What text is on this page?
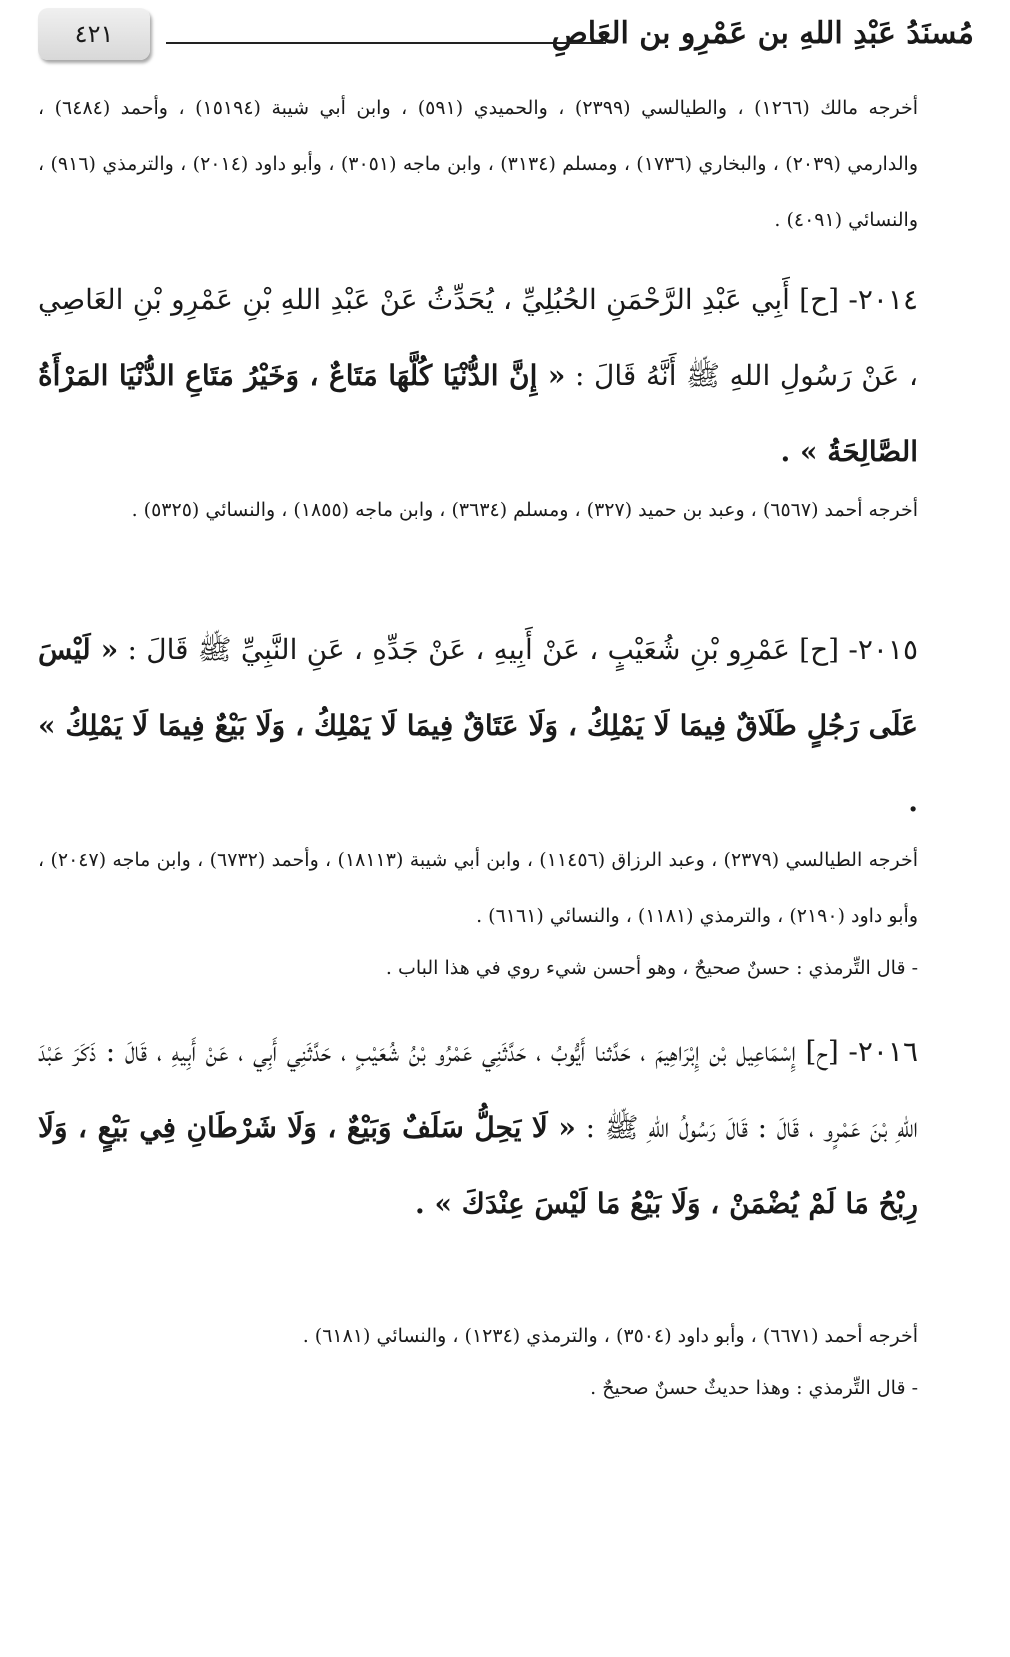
مُسنَدُ عَبْدِ اللهِ بن عَمْرِو بن العَاصِ
٤٢١
أخرجه مالك (١٢٦٦) ، والطيالسي (٢٣٩٩) ، والحميدي (٥٩١) ، وابن أبي شيبة (١٥١٩٤) ، وأحمد (٦٤٨٤) ، والدارمي (٢٠٣٩) ، والبخاري (١٧٣٦) ، ومسلم (٣١٣٤) ، وابن ماجه (٣٠٥١) ، وأبو داود (٢٠١٤) ، والترمذي (٩١٦) ، والنسائي (٤٠٩١) .
٢٠١٤- [ح] أَبِي عَبْدِ الرَّحْمَنِ الحُبُلِيِّ ، يُحَدِّثُ عَنْ عَبْدِ اللهِ بْنِ عَمْرِو بْنِ العَاصِي ، عَنْ رَسُولِ اللهِ ﷺ أَنَّهُ قَالَ : « إِنَّ الدُّنْيَا كُلَّهَا مَتَاعٌ ، وَخَيْرُ مَتَاعِ الدُّنْيَا المَرْأَةُ الصَّالِحَةُ » .
أخرجه أحمد (٦٥٦٧) ، وعبد بن حميد (٣٢٧) ، ومسلم (٣٦٣٤) ، وابن ماجه (١٨٥٥) ، والنسائي (٥٣٢٥) .
٢٠١٥- [ح] عَمْرِو بْنِ شُعَيْبٍ ، عَنْ أَبِيهِ ، عَنْ جَدِّهِ ، عَنِ النَّبِيِّ ﷺ قَالَ : « لَيْسَ عَلَى رَجُلٍ طَلَاقٌ فِيمَا لَا يَمْلِكُ ، وَلَا عَتَاقٌ فِيمَا لَا يَمْلِكُ ، وَلَا بَيْعٌ فِيمَا لَا يَمْلِكُ » .
أخرجه الطيالسي (٢٣٧٩) ، وعبد الرزاق (١١٤٥٦) ، وابن أبي شيبة (١٨١١٣) ، وأحمد (٦٧٣٢) ، وابن ماجه (٢٠٤٧) ، وأبو داود (٢١٩٠) ، والترمذي (١١٨١) ، والنسائي (٦١٦١) .
- قال التِّرمذي : حسنٌ صحيحٌ ، وهو أحسن شيء روي في هذا الباب .
٢٠١٦- [ح] إِسْمَاعِيل بْن إِبْرَاهِيمَ ، حَدَّثنا أَيُّوبُ ، حَدَّثَنِي عَمْرُو بْنُ شُعَيْبٍ ، حَدَّثَنِي أَبِي ، عَنْ أَبِيهِ ، قَالَ : ذَكَرَ عَبْدَ اللهِ بْنَ عَمْرٍو ، قَالَ : قَالَ رَسُولُ اللهِ ﷺ : « لَا يَحِلُّ سَلَفٌ وَبَيْعٌ ، وَلَا شَرْطَانِ فِي بَيْعٍ ، وَلَا رِبْحُ مَا لَمْ يُضْمَنْ ، وَلَا بَيْعُ مَا لَيْسَ عِنْدَكَ » .
أخرجه أحمد (٦٦٧١) ، وأبو داود (٣٥٠٤) ، والترمذي (١٢٣٤) ، والنسائي (٦١٨١) .
- قال التِّرمذي : وهذا حديثٌ حسنٌ صحيحٌ .
